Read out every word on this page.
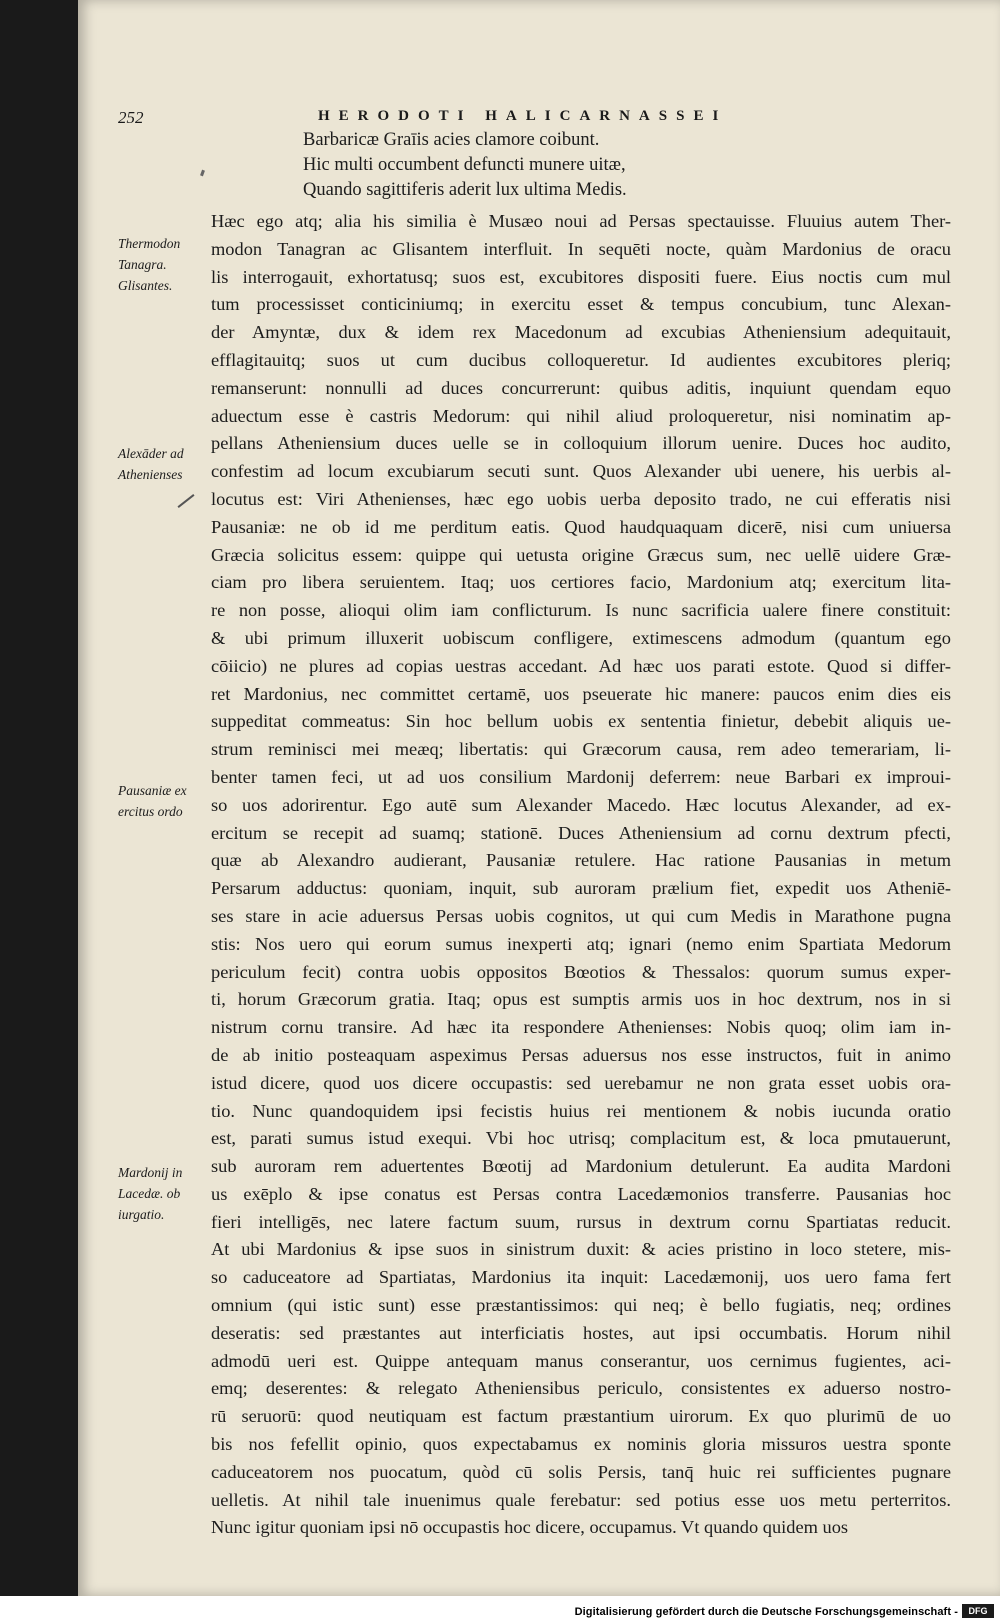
252	HERODOTI HALICARNASSEI
Barbaricæ Graīis acies clamore coibunt.
Hic multi occumbent defuncti munere uitæ,
Quando sagittiferis aderit lux ultima Medis.
Thermodon
Tanagra.
Glisantes.
Alexāder ad
Athenienses
Pausaniæ ex
ercitus ordo
Mardonij in
Lacedæ. ob
iurgatio.
Hæc ego atq; alia his similia è Musæo noui ad Persas spectauisse. Fluuius autem Ther-
modon Tanagran ac Glisantem interfluit. In sequēti nocte, quàm Mardonius de oracu
lis interrogauit, exhortatusq; suos est, excubitores dispositi fuere. Eius noctis cum mul
tum processisset conticiniumq; in exercitu esset & tempus concubium, tunc Alexan-
der Amyntæ, dux & idem rex Macedonum ad excubias Atheniensium adequitauit,
efflagitauitq; suos ut cum ducibus colloqueretur. Id audientes excubitores pleriq;
remanserunt: nonnulli ad duces concurrerunt: quibus aditis, inquiunt quendam equo
aduectum esse è castris Medorum: qui nihil aliud proloqueretur, nisi nominatim ap-
pellans Atheniensium duces uelle se in colloquium illorum uenire. Duces hoc audito,
confestim ad locum excubiarum secuti sunt. Quos Alexander ubi uenere, his uerbis al-
locutus est: Viri Athenienses, hæc ego uobis uerba deposito trado, ne cui efferatis nisi
Pausaniæ: ne ob id me perditum eatis. Quod haudquaquam dicerē, nisi cum uniuersa
Græcia solicitus essem: quippe qui uetusta origine Græcus sum, nec uellē uidere Græ-
ciam pro libera seruientem. Itaq; uos certiores facio, Mardonium atq; exercitum lita-
re non posse, alioqui olim iam conflicturum. Is nunc sacrificia ualere finere constituit:
& ubi primum illuxerit uobiscum confligere, extimescens admodum (quantum ego
cōiicio) ne plures ad copias uestras accedant. Ad hæc uos parati estote. Quod si differ-
ret Mardonius, nec committet certamē, uos pseuerate hic manere: paucos enim dies eis
suppeditat commeatus: Sin hoc bellum uobis ex sententia finietur, debebit aliquis ue-
strum reminisci mei meæq; libertatis: qui Græcorum causa, rem adeo temerariam, li-
benter tamen feci, ut ad uos consilium Mardonij deferrem: neue Barbari ex improui-
so uos adorirentur. Ego autē sum Alexander Macedo. Hæc locutus Alexander, ad ex-
ercitum se recepit ad suamq; stationē. Duces Atheniensium ad cornu dextrum pfecti,
quæ ab Alexandro audierant, Pausaniæ retulere. Hac ratione Pausanias in metum
Persarum adductus: quoniam, inquit, sub auroram prælium fiet, expedit uos Atheniē-
ses stare in acie aduersus Persas uobis cognitos, ut qui cum Medis in Marathone pugna
stis: Nos uero qui eorum sumus inexperti atq; ignari (nemo enim Spartiata Medorum
periculum fecit) contra uobis oppositos Bœotios & Thessalos: quorum sumus exper-
ti, horum Græcorum gratia. Itaq; opus est sumptis armis uos in hoc dextrum, nos in si
nistrum cornu transire. Ad hæc ita respondere Athenienses: Nobis quoq; olim iam in-
de ab initio posteaquam aspeximus Persas aduersus nos esse instructos, fuit in animo
istud dicere, quod uos dicere occupastis: sed uerebamur ne non grata esset uobis ora-
tio. Nunc quandoquidem ipsi fecistis huius rei mentionem & nobis iucunda oratio
est, parati sumus istud exequi. Vbi hoc utrisq; complacitum est, & loca pmutauerunt,
sub auroram rem aduertentes Bœotij ad Mardonium detulerunt. Ea audita Mardoni
us exēplo & ipse conatus est Persas contra Lacedæmonios transferre. Pausanias hoc
fieri intelligēs, nec latere factum suum, rursus in dextrum cornu Spartiatas reducit.
At ubi Mardonius & ipse suos in sinistrum duxit: & acies pristino in loco stetere, mis-
so caduceatore ad Spartiatas, Mardonius ita inquit: Lacedæmonij, uos uero fama fert
omnium (qui istic sunt) esse præstantissimos: qui neq; è bello fugiatis, neq; ordines
deseratis: sed præstantes aut interficiatis hostes, aut ipsi occumbatis. Horum nihil
admodū ueri est. Quippe antequam manus conserantur, uos cernimus fugientes, aci-
emq; deserentes: & relegato Atheniensibus periculo, consistentes ex aduerso nostro-
rū seruorū: quod neutiquam est factum præstantium uirorum. Ex quo plurimū de uo
bis nos fefellit opinio, quos expectabamus ex nominis gloria missuros uestra sponte
caduceatorem nos puocatum, quòd cū solis Persis, tanq̄ huic rei sufficientes pugnare
uelletis. At nihil tale inuenimus quale ferebatur: sed potius esse uos metu perterritos.
Nunc igitur quoniam ipsi nō occupastis hoc dicere, occupamus. Vt quando quidem uos
Digitalisierung gefördert durch die Deutsche Forschungsgemeinschaft -	DFG
